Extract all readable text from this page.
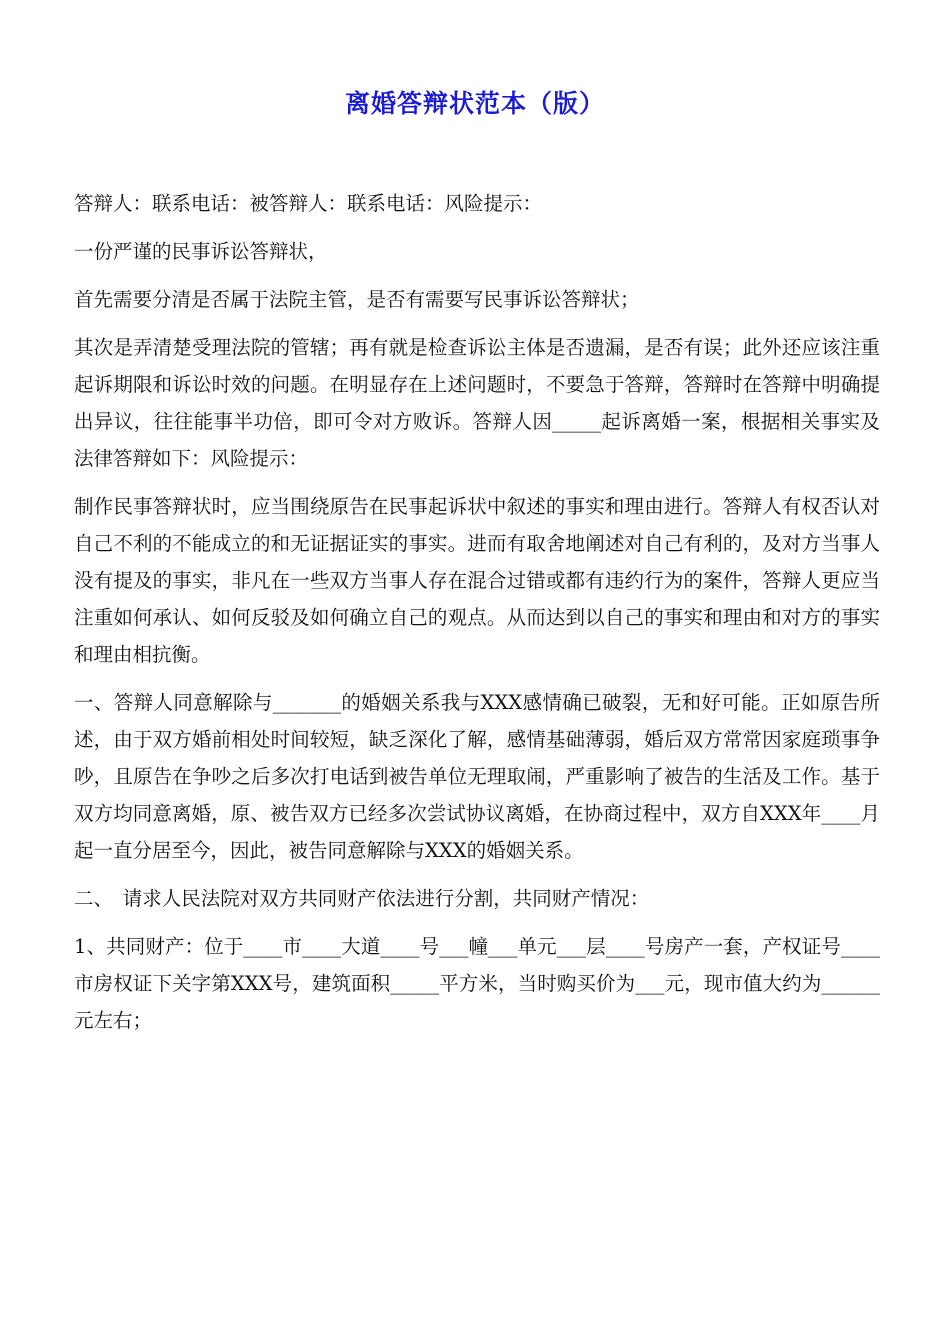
离婚答辩状范本（版）

答辩人：联系电话：被答辩人：联系电话：风险提示：

一份严谨的民事诉讼答辩状，

首先需要分清是否属于法院主管，是否有需要写民事诉讼答辩状；

其次是弄清楚受理法院的管辖；再有就是检查诉讼主体是否遗漏，是否有误；此外还应该注重起诉期限和诉讼时效的问题。在明显存在上述问题时，不要急于答辩，答辩时在答辩中明确提出异议，往往能事半功倍，即可令对方败诉。答辩人因_____起诉离婚一案，根据相关事实及法律答辩如下：风险提示：

制作民事答辩状时，应当围绕原告在民事起诉状中叙述的事实和理由进行。答辩人有权否认对自己不利的不能成立的和无证据证实的事实。进而有取舍地阐述对自己有利的，及对方当事人没有提及的事实，非凡在一些双方当事人存在混合过错或都有违约行为的案件，答辩人更应当注重如何承认、如何反驳及如何确立自己的观点。从而达到以自己的事实和理由和对方的事实和理由相抗衡。

一、答辩人同意解除与_______的婚姻关系我与XXX感情确已破裂，无和好可能。正如原告所述，由于双方婚前相处时间较短，缺乏深化了解，感情基础薄弱，婚后双方常常因家庭琐事争吵，且原告在争吵之后多次打电话到被告单位无理取闹，严重影响了被告的生活及工作。基于双方均同意离婚，原、被告双方已经多次尝试协议离婚，在协商过程中，双方自XXX年____月起一直分居至今，因此，被告同意解除与XXX的婚姻关系。

二、　请求人民法院对双方共同财产依法进行分割，共同财产情况：

1、共同财产：位于____市____大道____号___幢___单元___层____号房产一套，产权证号____市房权证下关字第XXX号，建筑面积_____平方米，当时购买价为___元，现市值大约为______元左右；
